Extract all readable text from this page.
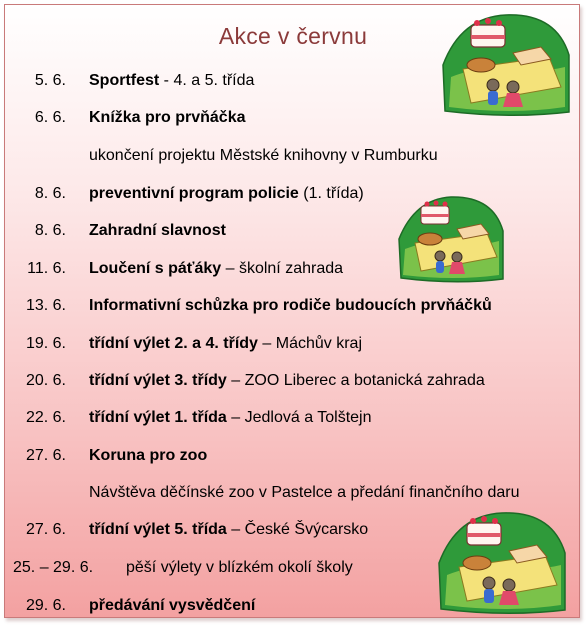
Akce v červnu
5. 6. Sportfest - 4. a 5. třída
6. 6. Knížka pro prvňáčka
ukončení projektu Městské knihovny v Rumburku
8. 6. preventivní program policie (1. třída)
8. 6. Zahradní slavnost
11. 6. Loučení s páťáky – školní zahrada
13. 6. Informativní schůzka pro rodiče budoucích prvňáčků
19. 6. třídní výlet 2. a 4. třídy – Máchův kraj
20. 6. třídní výlet 3. třídy – ZOO Liberec a botanická zahrada
22. 6. třídní výlet 1. třída – Jedlová a Tolštejn
27. 6. Koruna pro zoo
Návštěva děčínské zoo v Pastelce a předání finančního daru
27. 6. třídní výlet 5. třída – České Švýcarsko
25. – 29. 6. pěší výlety v blízkém okolí školy
29. 6. předávání vysvědčení
